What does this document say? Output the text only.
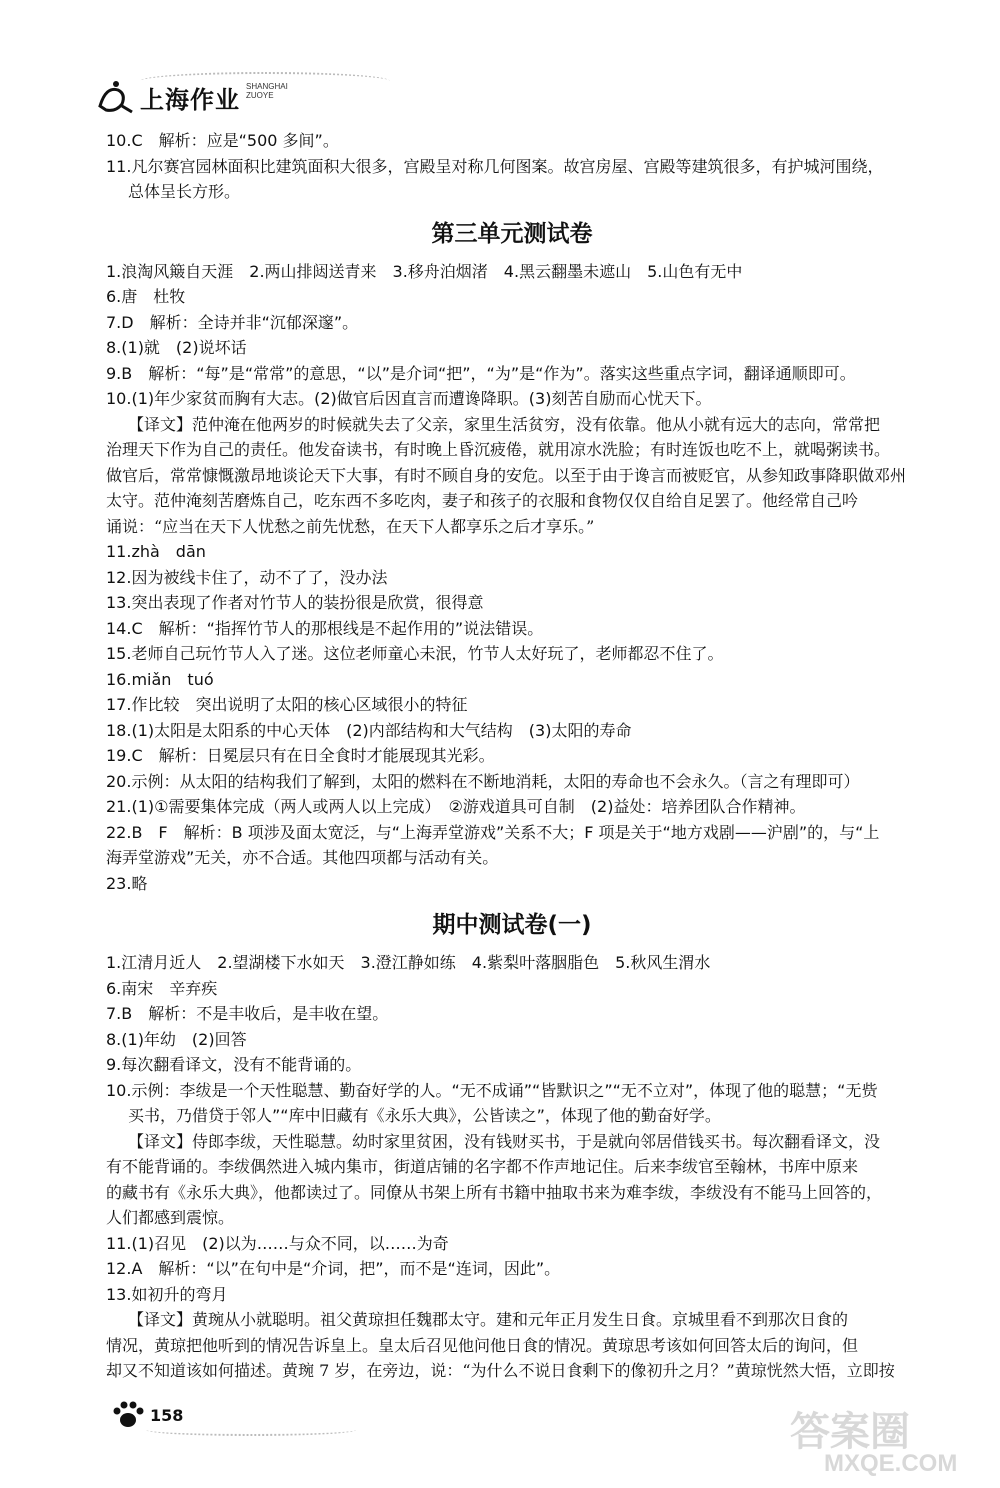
上海作业 SHANGHAI
ZUOYE
10.C　 解析：应是“500 多间”。
11.凡尔赛宫园林面积比建筑面积大很多，宫殿呈对称几何图案。故宫房屋、宫殿等建筑很多，有护城河围绕，
总体呈长方形。
第三单元测试卷
1.浪淘风簸自天涯　2.两山排闼送青来　3.移舟泊烟渚　4.黑云翻墨未遮山　5.山色有无中
6.唐　杜牧
7.D　解析：全诗并非“沉郁深邃”。
8.(1)就　(2)说坏话
9.B　解析：“每”是“常常”的意思，“以”是介词“把”，“为”是“作为”。落实这些重点字词，翻译通顺即可。
10.(1)年少家贫而胸有大志。(2)做官后因直言而遭谗降职。(3)刻苦自励而心忧天下。
【译文】范仲淹在他两岁的时候就失去了父亲，家里生活贫穷，没有依靠。他从小就有远大的志向，常常把
治理天下作为自己的责任。他发奋读书，有时晚上昏沉疲倦，就用凉水洗脸；有时连饭也吃不上，就喝粥读书。
做官后，常常慷慨激昂地谈论天下大事，有时不顾自身的安危。以至于由于谗言而被贬官，从参知政事降职做邓州
太守。范仲淹刻苦磨炼自己，吃东西不多吃肉，妻子和孩子的衣服和食物仅仅自给自足罢了。他经常自己吟
诵说：“应当在天下人忧愁之前先忧愁，在天下人都享乐之后才享乐。”
11.zhà　dān
12.因为被线卡住了，动不了了，没办法
13.突出表现了作者对竹节人的装扮很是欣赏，很得意
14.C　解析：“指挥竹节人的那根线是不起作用的”说法错误。
15.老师自己玩竹节人入了迷。这位老师童心未泯，竹节人太好玩了，老师都忍不住了。
16.miǎn　tuó
17.作比较　突出说明了太阳的核心区域很小的特征
18.(1)太阳是太阳系的中心天体　(2)内部结构和大气结构　(3)太阳的寿命
19.C　解析：日冕层只有在日全食时才能展现其光彩。
20.示例：从太阳的结构我们了解到，太阳的燃料在不断地消耗，太阳的寿命也不会永久。（言之有理即可）
21.(1)①需要集体完成（两人或两人以上完成）　②游戏道具可自制　(2)益处：培养团队合作精神。
22.B　F　解析：B 项涉及面太宽泛，与“上海弄堂游戏”关系不大；F 项是关于“地方戏剧——沪剧”的，与“上
海弄堂游戏”无关，亦不合适。其他四项都与活动有关。
23.略
期中测试卷(一)
1.江清月近人　2.望湖楼下水如天　3.澄江静如练　4.紫梨叶落胭脂色　5.秋风生渭水
6.南宋　辛弃疾
7.B　解析：不是丰收后，是丰收在望。
8.(1)年幼　(2)回答
9.每次翻看译文，没有不能背诵的。
10.示例：李绂是一个天性聪慧、勤奋好学的人。“无不成诵”“皆默识之”“无不立对”，体现了他的聪慧；“无赀
买书，乃借贷于邻人”“库中旧藏有《永乐大典》，公皆读之”，体现了他的勤奋好学。
【译文】侍郎李绂，天性聪慧。幼时家里贫困，没有钱财买书，于是就向邻居借钱买书。每次翻看译文，没
有不能背诵的。李绂偶然进入城内集市，街道店铺的名字都不作声地记住。后来李绂官至翰林，书库中原来
的藏书有《永乐大典》，他都读过了。同僚从书架上所有书籍中抽取书来为难李绂，李绂没有不能马上回答的，
人们都感到震惊。
11.(1)召见　(2)以为……与众不同，以……为奇
12.A　解析：“以”在句中是“介词，把”，而不是“连词，因此”。
13.如初升的弯月
【译文】黄琬从小就聪明。祖父黄琼担任魏郡太守。建和元年正月发生日食。京城里看不到那次日食的
情况，黄琼把他听到的情况告诉皇上。皇太后召见他问他日食的情况。黄琼思考该如何回答太后的询问，但
却又不知道该如何描述。黄琬 7 岁，在旁边，说：“为什么不说日食剩下的像初升之月？”黄琼恍然大悟，立即按
158	答案圈
MXQE.COM
